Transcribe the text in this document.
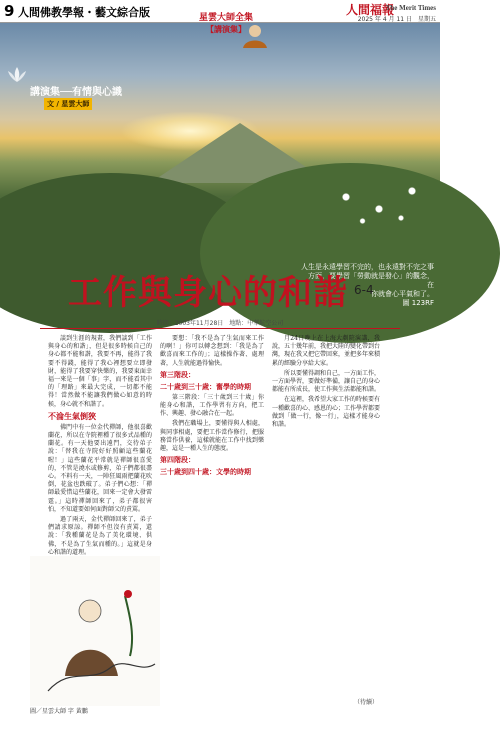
9 人間佛教學報・藝文綜合版	人間福報
The Merit Times
2025 年 4 月 11 日　星期五
講演集──有情與心識
文 / 星雲大師
人生是永遠學習不完的，也永遠對不完之事
方面，要學習「勞動就是發心」的觀念，
在
你就會心平氣和了。
圖 123RF
星雲大師全集
【講演集】
工作與身心的和諧 6-4
時間：2003年11月28日　地點：中華航空公司

談到生涯的規畫，我們談到「工作與身心的和諧」，但是很多時候自己的身心都不能和諧，我要不再，能得了我要不得錢，能得了我心裡想要立即發財，能得了我要穿快樂的，我要東面幸福一來是一個「事」字，而不能看其中的「理路」來最大完成，一切都不能得！當然做不能讓我們做心如意的時候，身心就不和諧了。

不淪生氣倒狹

佛門中有一位金代禪師，他很喜歡蘭花，所以在寺院裡種了很多式品種的蘭花。有一天他要出遠門，交待弟子說：「替我在寺院好好照顧這些蘭花喔！」這些蘭花平常就是禪師很喜愛的，不管是澆水或修剪，弟子們都很盡心。不料有一天，一陣狂風雨把蘭花吹倒，花盆也跌破了。弟子們心想：「禪師最愛惜這些蘭花，回來一定會大發雷霆。」這時禪師回來了，弟子都很害怕，不知道要如何面對師父的責罵。

過了兩天，金代禪師回來了，弟子們請求原諒。禪師不但沒有責罵，還說：「我種蘭花是為了美化環境、供佛，不是為了生氣而種的。」這就是身心和諧的道理。

要想：「我不是為了生氣而來工作的啊！」你可以轉念想到：「我是為了歡喜而來工作的」；這樣操作著、處理著，人生就能過得愉快。

第三階段：

二十歲到三十歲：奮學的時期

第三階段：「三十歲到三十歲」你能身心和諧，工作學習有方向，把工作、興趣、發心融合在一起。

我們在職場上，要懂得與人相處，與同事相處，要把工作當作修行，把服務當作供養，這樣就能在工作中找到樂趣，這是一種人生的態度。

第四階段：

三十歲到四十歲：文學的時期

月24日晚上在上海大劇院演講，我說，五十幾年前，我把大陸的變化帶到台灣，現在我又把它帶回來，並把多年來積累的經驗分享給大家。

所以要懂得調和自己，一方面工作，一方面學習，要做好準備，讓自己的身心都能有所成長，使工作與生活都能和諧。

在這裡，我希望大家工作的時候要有一種歡喜的心、感恩的心；工作學習都要做到「做一行，像一行」，這樣才能身心和諧。

圖／星雲大師 字 黃鵬
（待續）
